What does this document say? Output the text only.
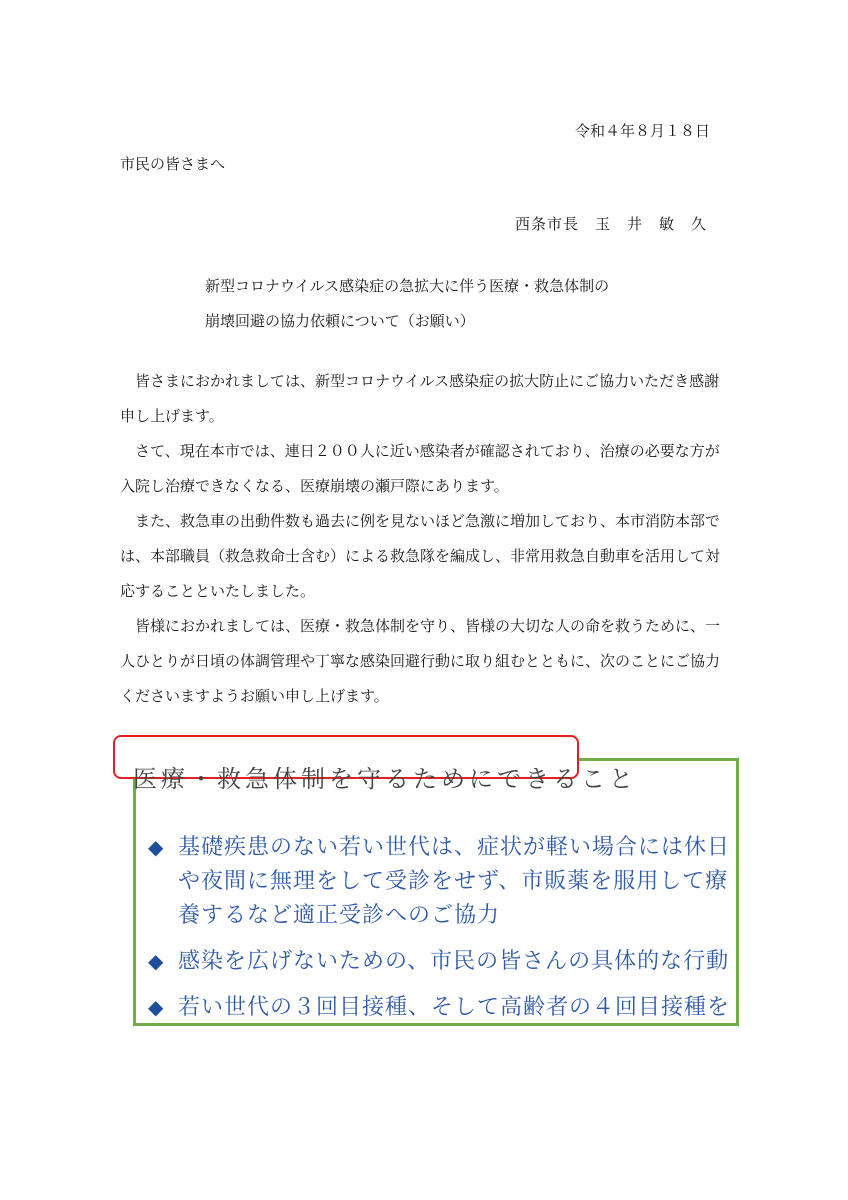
令和４年８月１８日
市民の皆さまへ
西条市長　玉　井　敏　久
新型コロナウイルス感染症の急拡大に伴う医療・救急体制の
崩壊回避の協力依頼について（お願い）

皆さまにおかれましては、新型コロナウイルス感染症の拡大防止にご協力いただき感謝申し上げます。

さて、現在本市では、連日２００人に近い感染者が確認されており、治療の必要な方が入院し治療できなくなる、医療崩壊の瀬戸際にあります。

また、救急車の出動件数も過去に例を見ないほど急激に増加しており、本市消防本部では、本部職員（救急救命士含む）による救急隊を編成し、非常用救急自動車を活用して対応することといたしました。

皆様におかれましては、医療・救急体制を守り、皆様の大切な人の命を救うために、一人ひとりが日頃の体調管理や丁寧な感染回避行動に取り組むとともに、次のことにご協力くださいますようお願い申し上げます。

◆ 基礎疾患のない若い世代は、症状が軽い場合には休日や夜間に無理をして受診をせず、市販薬を服用して療養するなど適正受診へのご協力
◆ 感染を広げないための、市民の皆さんの具体的な行動
◆ 若い世代の３回目接種、そして高齢者の４回目接種を
医療・救急体制を守るためにできること
